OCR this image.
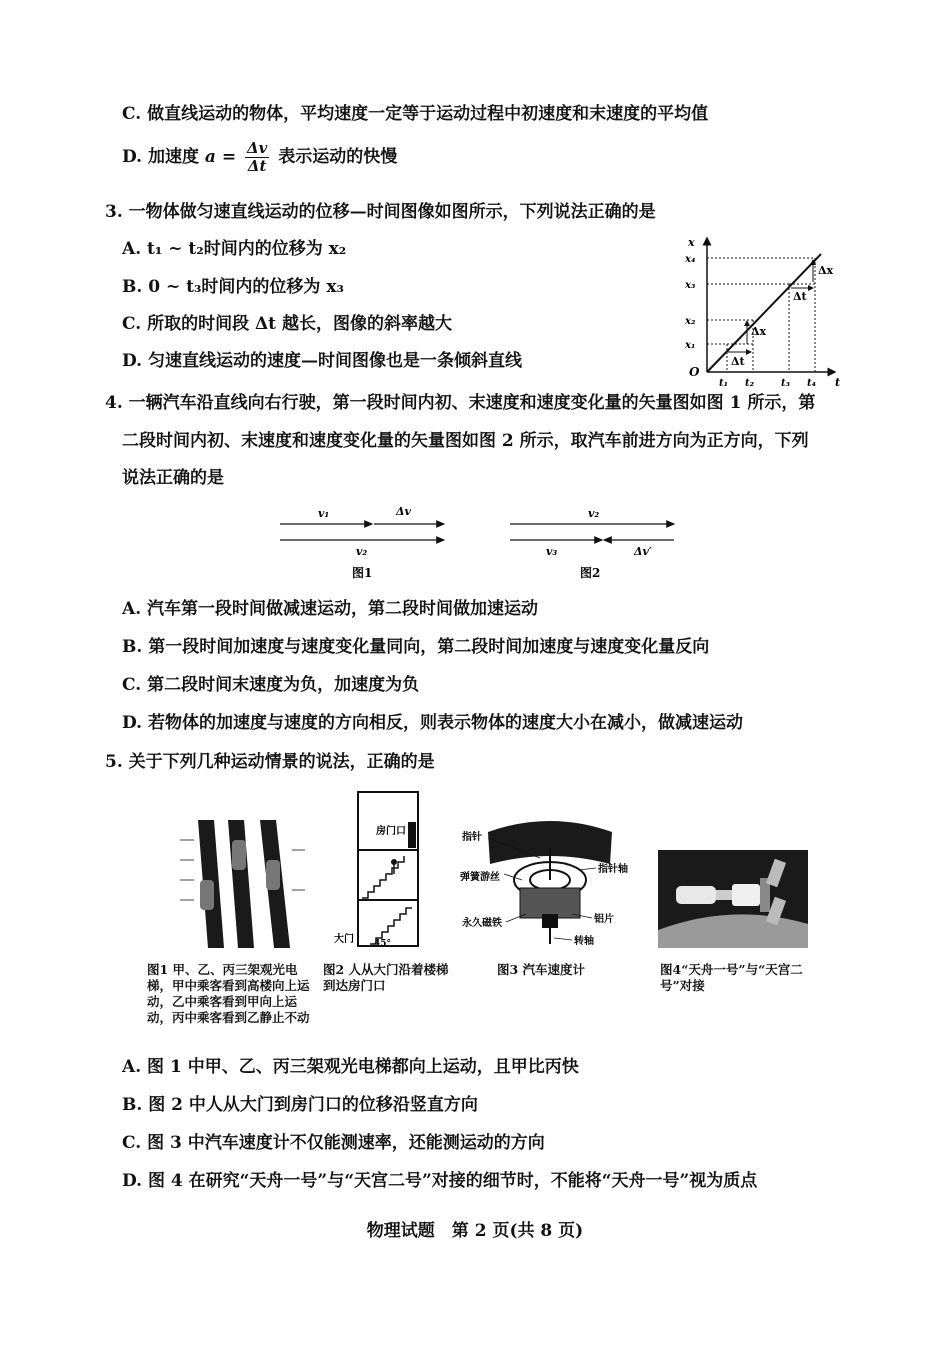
C. 做直线运动的物体，平均速度一定等于运动过程中初速度和末速度的平均值
D. 加速度 $a = \frac{\Delta v}{\Delta t}$ 表示运动的快慢
3. 一物体做匀速直线运动的位移—时间图像如图所示，下列说法正确的是
A. t₁ ~ t₂时间内的位移为 x₂
B. 0 ~ t₃时间内的位移为 x₃
C. 所取的时间段 Δt 越长，图像的斜率越大
D. 匀速直线运动的速度—时间图像也是一条倾斜直线
x
t
O
x₄
x₃
x₂
x₁
t₁ t₂	t₃ t₄
Δx
Δx
Δt
Δt
4. 一辆汽车沿直线向右行驶，第一段时间内初、末速度和速度变化量的矢量图如图 1 所示，第
二段时间内初、末速度和速度变化量的矢量图如图 2 所示，取汽车前进方向为正方向，下列
说法正确的是
v₁	Δv
v₂
图1
v₂
v₃	Δv′
图2
A. 汽车第一段时间做减速运动，第二段时间做加速运动
B. 第一段时间加速度与速度变化量同向，第二段时间加速度与速度变化量反向
C. 第二段时间末速度为负，加速度为负
D. 若物体的加速度与速度的方向相反，则表示物体的速度大小在减小，做减速运动
5. 关于下列几种运动情景的说法，正确的是
房门口
大门 45°
指针
弹簧游丝
指针轴
永久磁铁	铝片
转轴
图1 甲、乙、丙三架观光电梯，甲中乘客看到高楼向上运动，乙中乘客看到甲向上运动，丙中乘客看到乙静止不动
图2 人从大门沿着楼梯到达房门口
图3 汽车速度计	图4“天舟一号”与“天宫二号”对接
A. 图 1 中甲、乙、丙三架观光电梯都向上运动，且甲比丙快
B. 图 2 中人从大门到房门口的位移沿竖直方向
C. 图 3 中汽车速度计不仅能测速率，还能测运动的方向
D. 图 4 在研究“天舟一号”与“天宫二号”对接的细节时，不能将“天舟一号”视为质点
物理试题　第 2 页(共 8 页)
